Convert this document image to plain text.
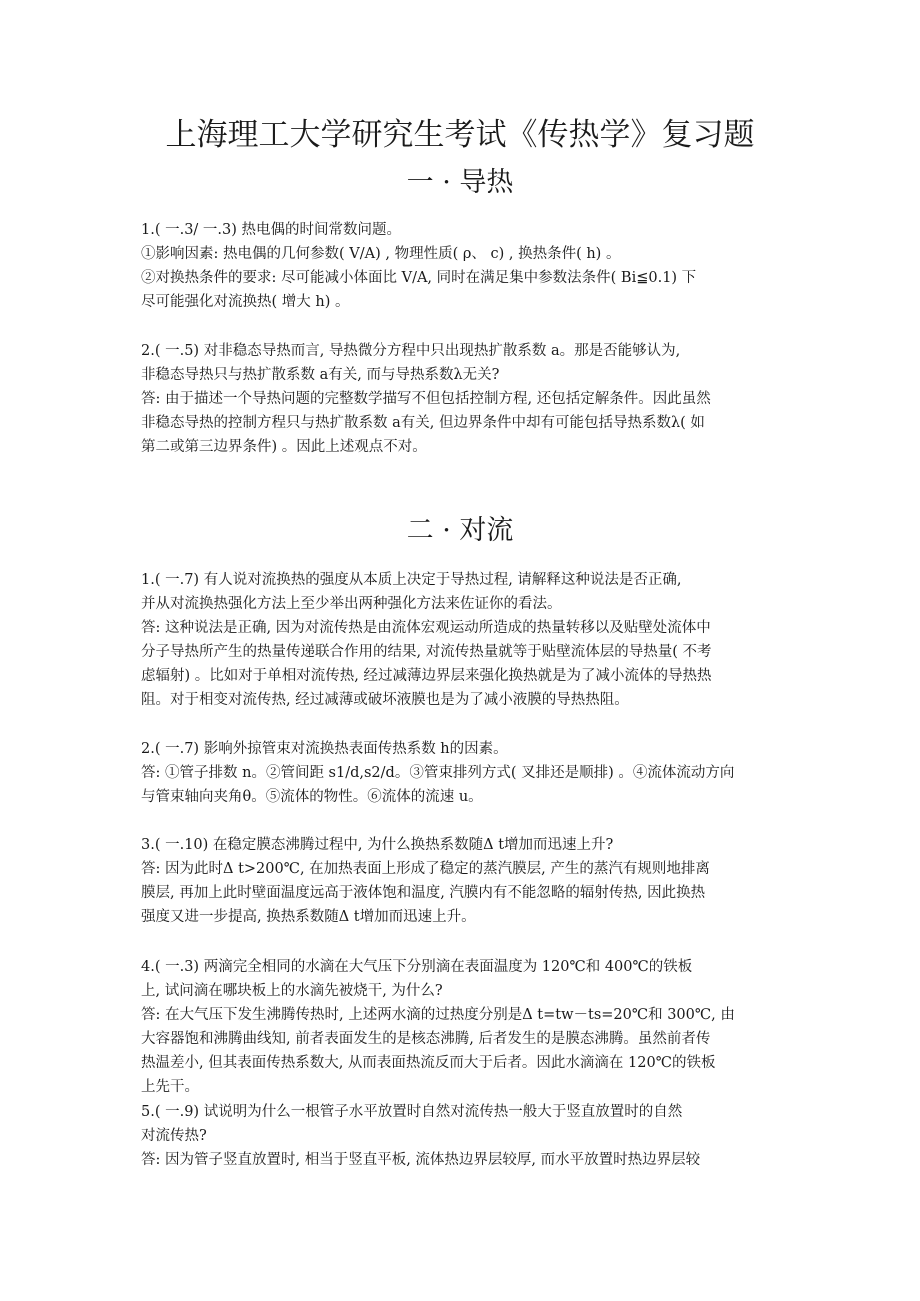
上海理工大学研究生考试《传热学》复习题
一 · 导热
1.( 一.3/ 一.3) 热电偶的时间常数问题。
①影响因素: 热电偶的几何参数( V/A) , 物理性质( ρ、 c) , 换热条件( h) 。
②对换热条件的要求: 尽可能减小体面比 V/A, 同时在满足集中参数法条件( Bi≦0.1) 下
尽可能强化对流换热( 增大 h) 。
2.( 一.5) 对非稳态导热而言, 导热微分方程中只出现热扩散系数 a。那是否能够认为,
非稳态导热只与热扩散系数 a有关, 而与导热系数λ无关?
答: 由于描述一个导热问题的完整数学描写不但包括控制方程, 还包括定解条件。因此虽然
非稳态导热的控制方程只与热扩散系数 a有关, 但边界条件中却有可能包括导热系数λ( 如
第二或第三边界条件) 。因此上述观点不对。
二 · 对流
1.( 一.7) 有人说对流换热的强度从本质上决定于导热过程, 请解释这种说法是否正确,
并从对流换热强化方法上至少举出两种强化方法来佐证你的看法。
答: 这种说法是正确, 因为对流传热是由流体宏观运动所造成的热量转移以及贴壁处流体中
分子导热所产生的热量传递联合作用的结果, 对流传热量就等于贴壁流体层的导热量( 不考
虑辐射) 。比如对于单相对流传热, 经过减薄边界层来强化换热就是为了减小流体的导热热
阻。对于相变对流传热, 经过减薄或破坏液膜也是为了减小液膜的导热热阻。
2.( 一.7) 影响外掠管束对流换热表面传热系数 h的因素。
答: ①管子排数 n。②管间距 s1/d,s2/d。③管束排列方式( 叉排还是顺排) 。④流体流动方向
与管束轴向夹角θ。⑤流体的物性。⑥流体的流速 u。
3.( 一.10) 在稳定膜态沸腾过程中, 为什么换热系数随Δ t增加而迅速上升?
答: 因为此时Δ t>200℃, 在加热表面上形成了稳定的蒸汽膜层, 产生的蒸汽有规则地排离
膜层, 再加上此时壁面温度远高于液体饱和温度, 汽膜内有不能忽略的辐射传热, 因此换热
强度又进一步提高, 换热系数随Δ t增加而迅速上升。
4.( 一.3) 两滴完全相同的水滴在大气压下分别滴在表面温度为 120℃和 400℃的铁板
上, 试问滴在哪块板上的水滴先被烧干, 为什么?
答: 在大气压下发生沸腾传热时, 上述两水滴的过热度分别是Δ t=tw－ts=20℃和 300℃, 由
大容器饱和沸腾曲线知, 前者表面发生的是核态沸腾, 后者发生的是膜态沸腾。虽然前者传
热温差小, 但其表面传热系数大, 从而表面热流反而大于后者。因此水滴滴在 120℃的铁板
上先干。
5.( 一.9) 试说明为什么一根管子水平放置时自然对流传热一般大于竖直放置时的自然
对流传热?
答: 因为管子竖直放置时, 相当于竖直平板, 流体热边界层较厚, 而水平放置时热边界层较
